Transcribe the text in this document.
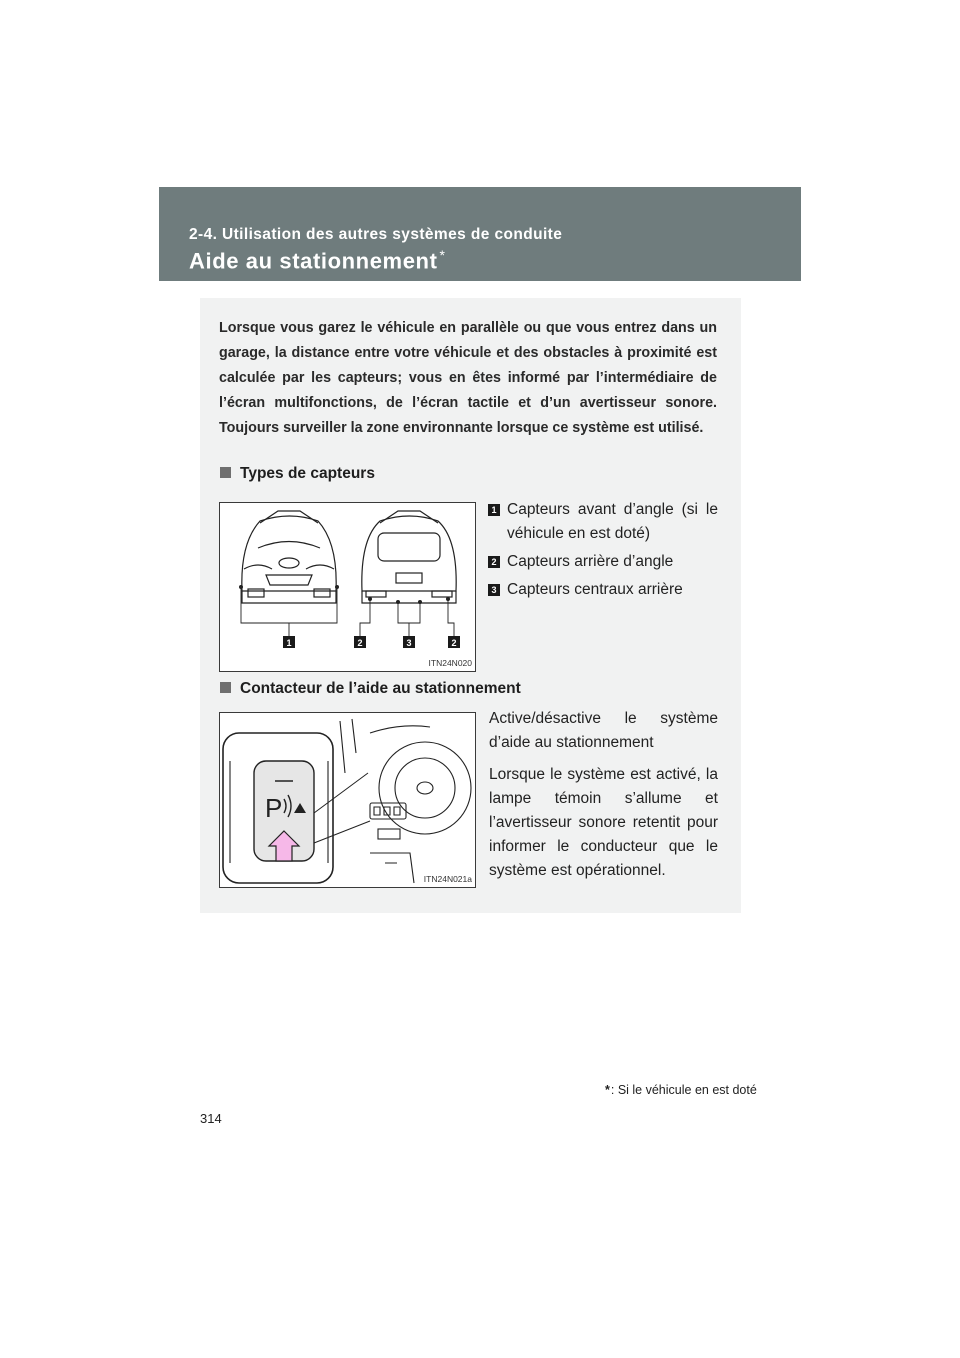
2-4. Utilisation des autres systèmes de conduite

Aide au stationnement *

Lorsque vous garez le véhicule en parallèle ou que vous entrez dans un garage, la distance entre votre véhicule et des obstacles à proximité est calculée par les capteurs; vous en êtes informé par l’intermédiaire de l’écran multifonctions, de l’écran tactile et d’un avertisseur sonore. Toujours surveiller la zone environnante lorsque ce système est utilisé.

Types de capteurs
1	2	3	2
ITN24N020
1 Capteurs avant d’angle (si le véhicule en est doté)
2 Capteurs arrière d’angle
3 Capteurs centraux arrière
Contacteur de l’aide au stationnement
P
ITN24N021a

Active/désactive le système d’aide au stationnement

Lorsque le système est activé, la lampe témoin s’allume et l’avertisseur sonore retentit pour informer le conducteur que le système est opérationnel.

*: Si le véhicule en est doté
314
